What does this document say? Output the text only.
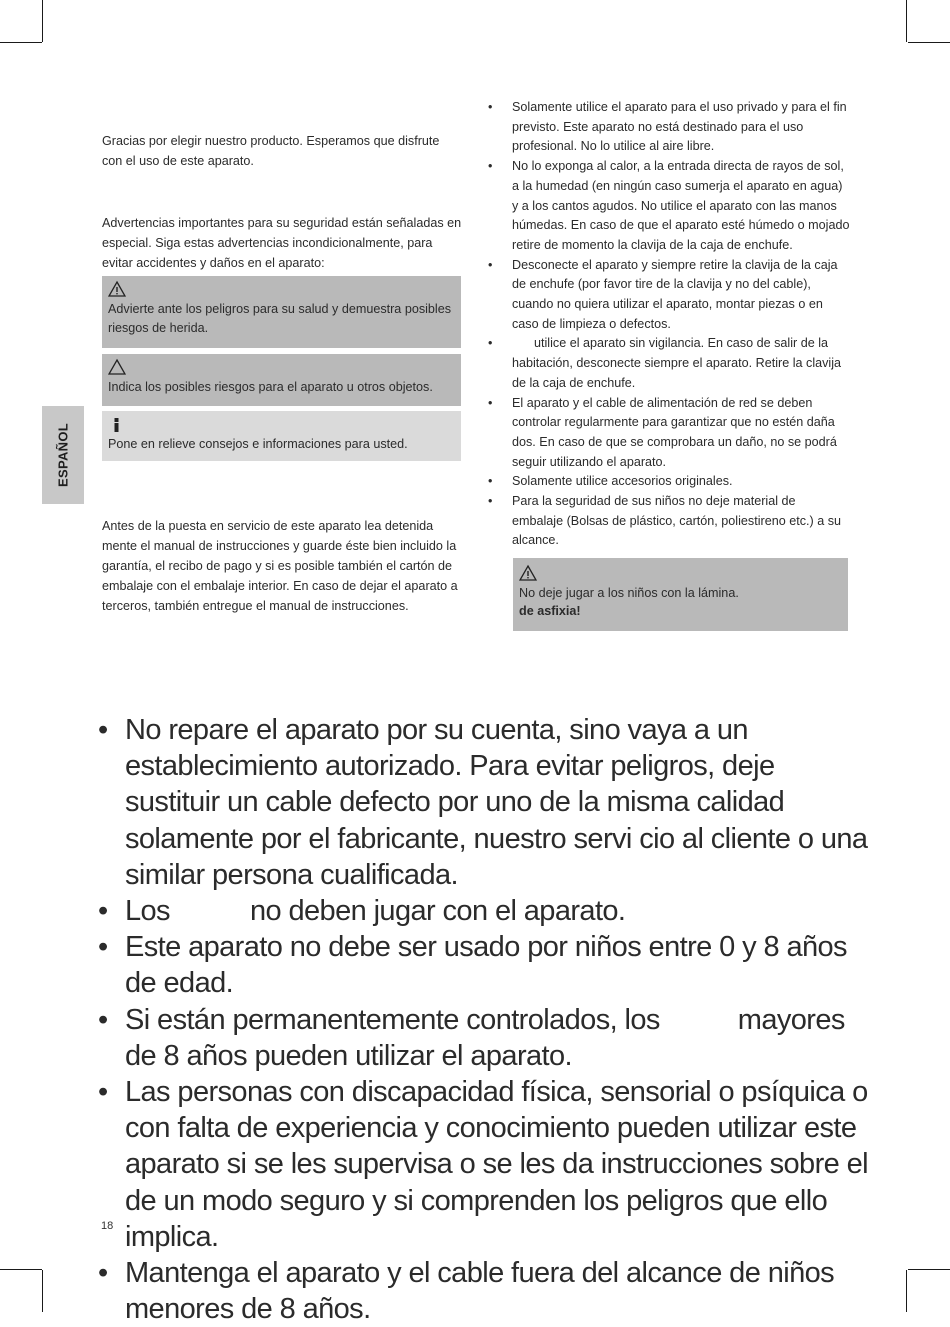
ESPAÑOL

Gracias por elegir nuestro producto. Esperamos que disfrute con el uso de este aparato.

Advertencias importantes para su seguridad están señaladas en especial. Siga estas advertencias incondicionalmente, para evitar accidentes y daños en el aparato:

Advierte ante los peligros para su salud y demuestra posibles riesgos de herida.
Indica los posibles riesgos para el aparato u otros objetos.
Pone en relieve consejos e informaciones para usted.

Antes de la puesta en servicio de este aparato lea detenida mente el manual de instrucciones y guarde éste bien incluido la garantía, el recibo de pago y si es posible también el cartón de embalaje con el embalaje interior. En caso de dejar el aparato a terceros, también entregue el manual de instrucciones.

• Solamente utilice el aparato para el uso privado y para el fin previsto. Este aparato no está destinado para el uso profesional. No lo utilice al aire libre.
• No lo exponga al calor, a la entrada directa de rayos de sol, a la humedad (en ningún caso sumerja el aparato en agua) y a los cantos agudos. No utilice el aparato con las manos húmedas. En caso de que el aparato esté húmedo o mojado retire de momento la clavija de la caja de enchufe.
• Desconecte el aparato y siempre retire la clavija de la caja de enchufe (por favor tire de la clavija y no del cable), cuando no quiera utilizar el aparato, montar piezas o en caso de limpieza o defectos.
•	utilice el aparato sin vigilancia. En caso de salir de la habitación, desconecte siempre el aparato. Retire la clavija de la caja de enchufe.
• El aparato y el cable de alimentación de red se deben controlar regularmente para garantizar que no estén daña dos. En caso de que se comprobara un daño, no se podrá seguir utilizando el aparato.
• Solamente utilice accesorios originales.
• Para la seguridad de sus niños no deje material de embalaje (Bolsas de plástico, cartón, poliestireno etc.) a su alcance.
No deje jugar a los niños con la lámina.
de asfixia!
• No repare el aparato por su cuenta, sino vaya a un establecimiento autorizado. Para evitar peligros, deje sustituir un cable defecto por uno de la misma calidad solamente por el fabricante, nuestro servi cio al cliente o una similar persona cualificada.
• Los	no deben jugar con el aparato.
• Este aparato no debe ser usado por niños entre 0 y 8 años de edad.
• Si están permanentemente controlados, los	mayores de 8 años pueden utilizar el aparato.
• Las personas con discapacidad física, sensorial o psíquica o con falta de experiencia y conocimiento pueden utilizar este aparato si se les supervisa o se les da instrucciones sobre el
de un modo seguro y si comprenden los peligros que ello implica.
• Mantenga el aparato y el cable fuera del alcance de niños menores de 8 años.
18
